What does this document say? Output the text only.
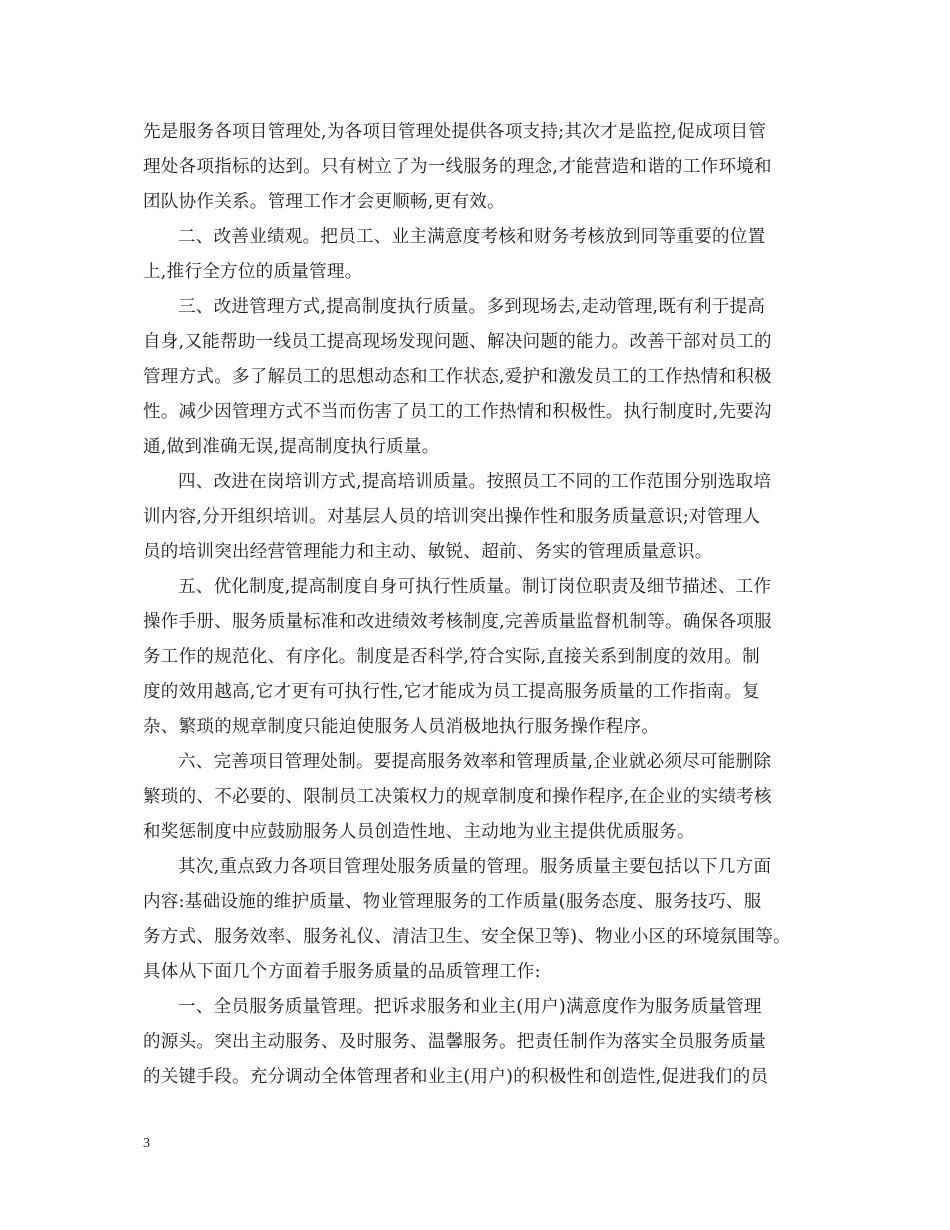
先是服务各项目管理处,为各项目管理处提供各项支持;其次才是监控,促成项目管
理处各项指标的达到。只有树立了为一线服务的理念,才能营造和谐的工作环境和
团队协作关系。管理工作才会更顺畅,更有效。
二、改善业绩观。把员工、业主满意度考核和财务考核放到同等重要的位置
上,推行全方位的质量管理。
三、改进管理方式,提高制度执行质量。多到现场去,走动管理,既有利于提高
自身,又能帮助一线员工提高现场发现问题、解决问题的能力。改善干部对员工的
管理方式。多了解员工的思想动态和工作状态,爱护和激发员工的工作热情和积极
性。减少因管理方式不当而伤害了员工的工作热情和积极性。执行制度时,先要沟
通,做到准确无误,提高制度执行质量。
四、改进在岗培训方式,提高培训质量。按照员工不同的工作范围分别选取培
训内容,分开组织培训。对基层人员的培训突出操作性和服务质量意识;对管理人
员的培训突出经营管理能力和主动、敏锐、超前、务实的管理质量意识。
五、优化制度,提高制度自身可执行性质量。制订岗位职责及细节描述、工作
操作手册、服务质量标准和改进绩效考核制度,完善质量监督机制等。确保各项服
务工作的规范化、有序化。制度是否科学,符合实际,直接关系到制度的效用。制
度的效用越高,它才更有可执行性,它才能成为员工提高服务质量的工作指南。复
杂、繁琐的规章制度只能迫使服务人员消极地执行服务操作程序。
六、完善项目管理处制。要提高服务效率和管理质量,企业就必须尽可能删除
繁琐的、不必要的、限制员工决策权力的规章制度和操作程序,在企业的实绩考核
和奖惩制度中应鼓励服务人员创造性地、主动地为业主提供优质服务。
其次,重点致力各项目管理处服务质量的管理。服务质量主要包括以下几方面
内容:基础设施的维护质量、物业管理服务的工作质量(服务态度、服务技巧、服
务方式、服务效率、服务礼仪、清洁卫生、安全保卫等)、物业小区的环境氛围等。
具体从下面几个方面着手服务质量的品质管理工作:
一、全员服务质量管理。把诉求服务和业主(用户)满意度作为服务质量管理
的源头。突出主动服务、及时服务、温馨服务。把责任制作为落实全员服务质量
的关键手段。充分调动全体管理者和业主(用户)的积极性和创造性,促进我们的员
3
